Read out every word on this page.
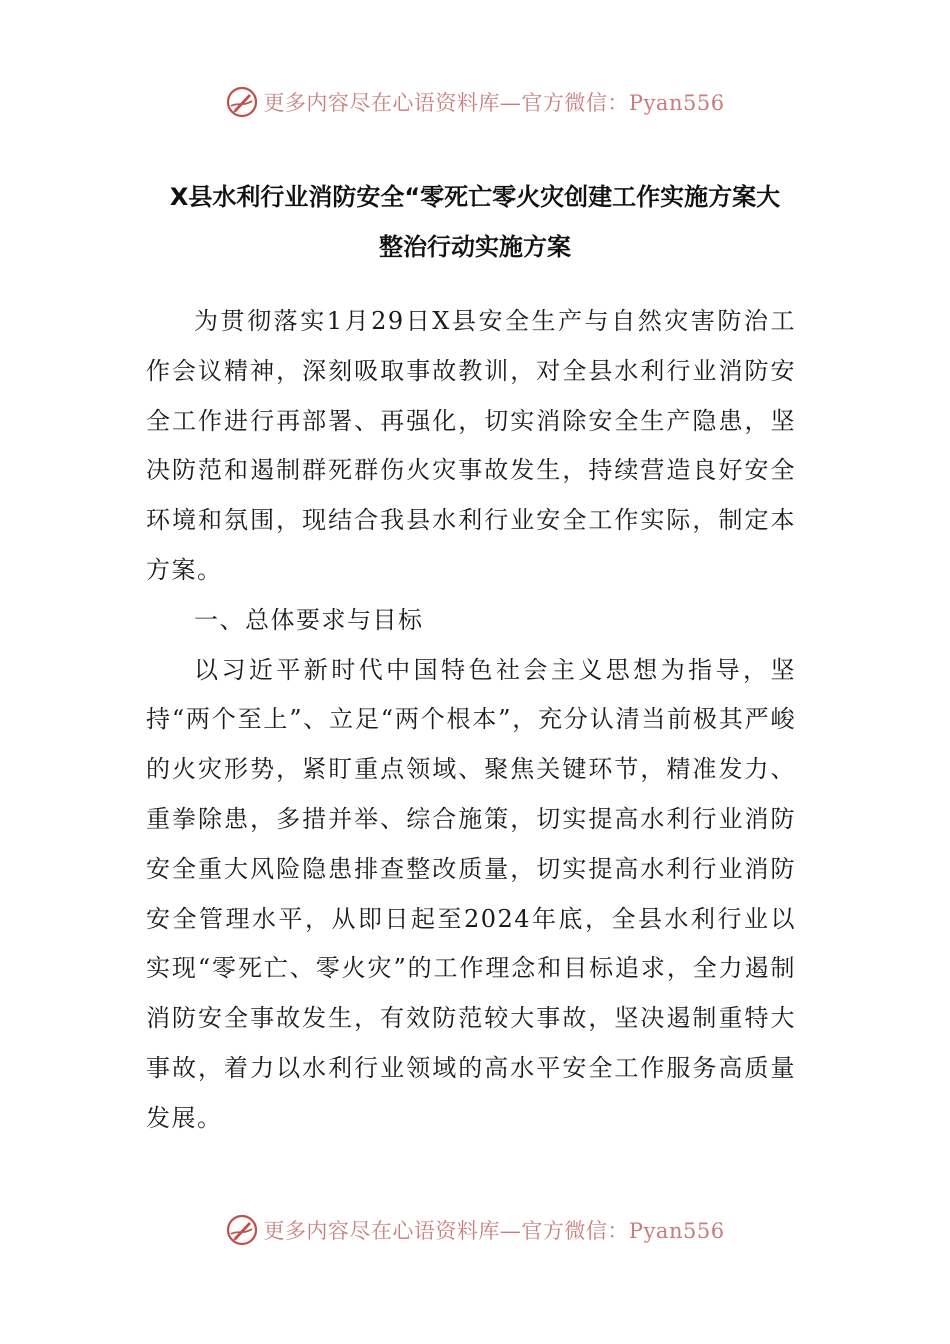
更多内容尽在心语资料库—官方微信：Pyan556
X县水利行业消防安全“零死亡零火灾创建工作实施方案大
整治行动实施方案

为贯彻落实1月29日X县安全生产与自然灾害防治工作会议精神，深刻吸取事故教训，对全县水利行业消防安全工作进行再部署、再强化，切实消除安全生产隐患，坚决防范和遏制群死群伤火灾事故发生，持续营造良好安全环境和氛围，现结合我县水利行业安全工作实际，制定本方案。

一、总体要求与目标

以习近平新时代中国特色社会主义思想为指导，坚持“两个至上”、立足“两个根本”，充分认清当前极其严峻的火灾形势，紧盯重点领域、聚焦关键环节，精准发力、重拳除患，多措并举、综合施策，切实提高水利行业消防安全重大风险隐患排查整改质量，切实提高水利行业消防安全管理水平，从即日起至2024年底，全县水利行业以实现“零死亡、零火灾”的工作理念和目标追求，全力遏制消防安全事故发生，有效防范较大事故，坚决遏制重特大事故，着力以水利行业领域的高水平安全工作服务高质量发展。

更多内容尽在心语资料库—官方微信：Pyan556
